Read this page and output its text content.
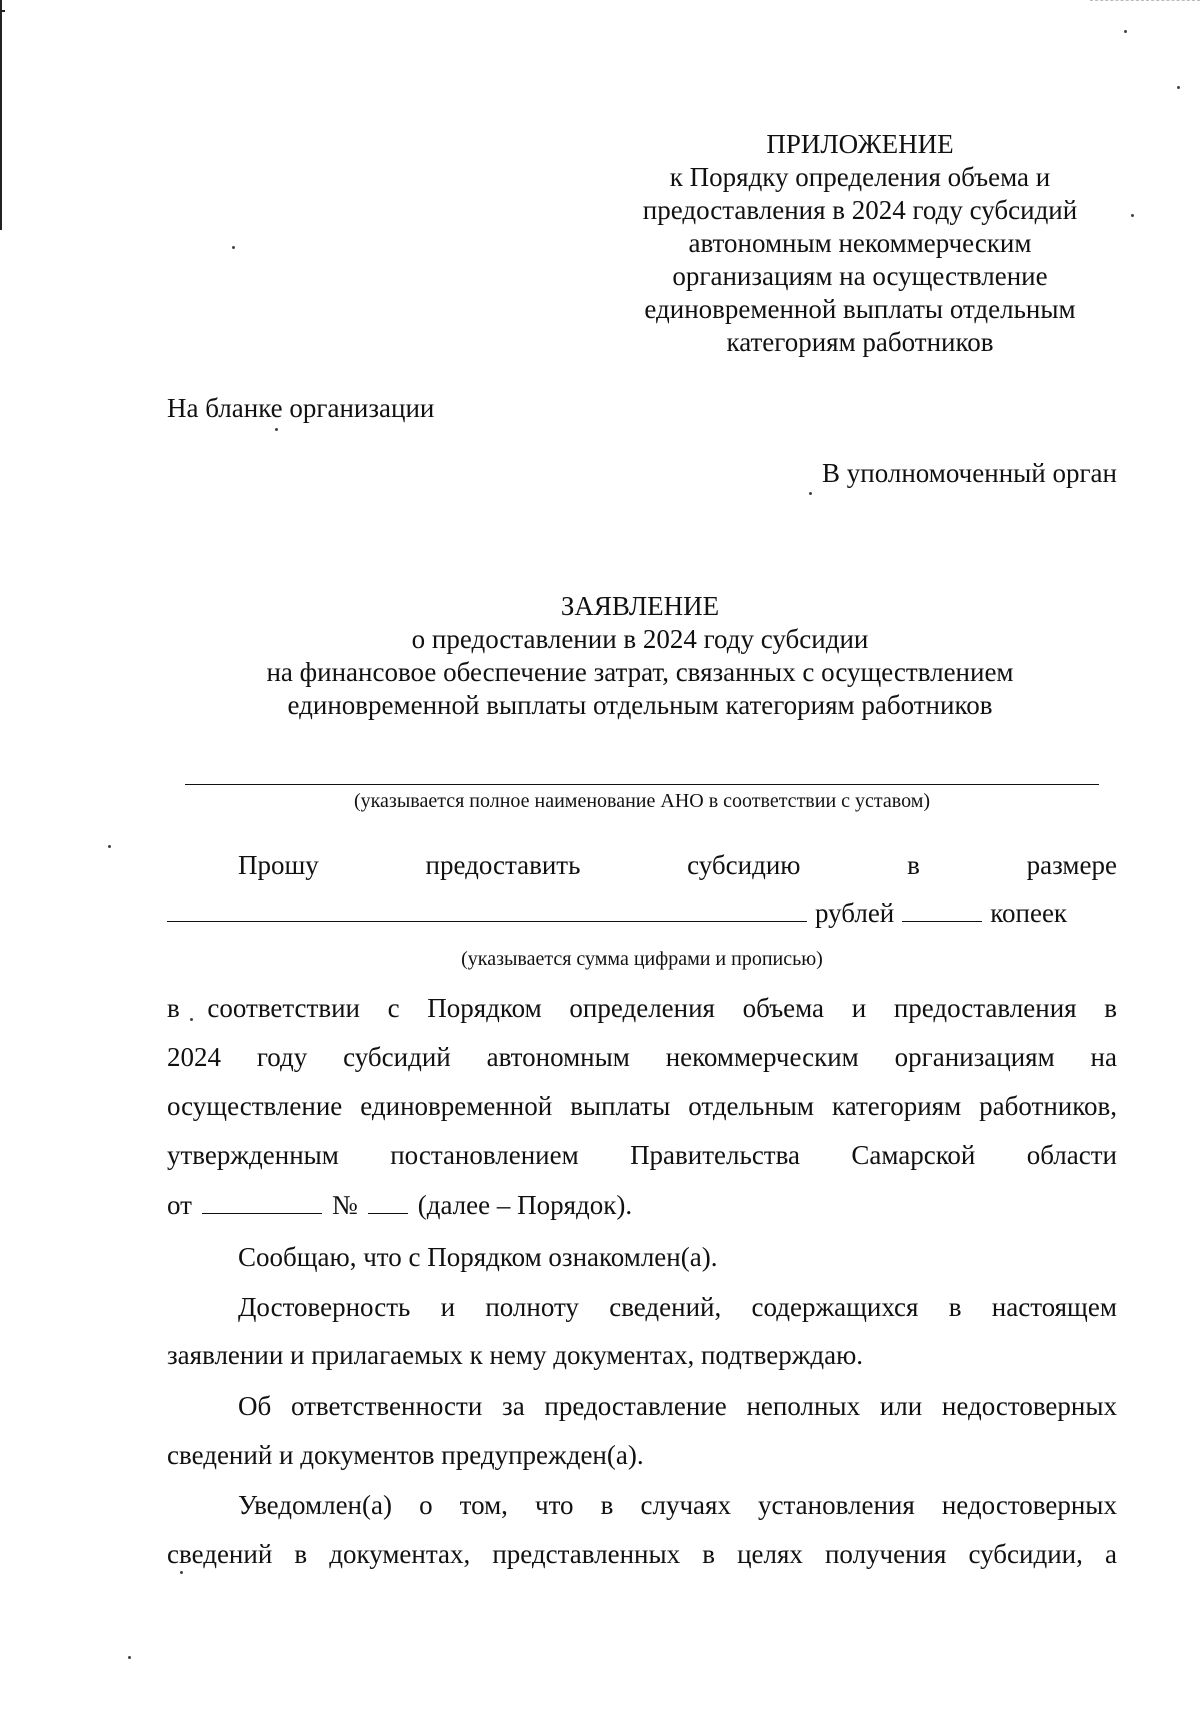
ПРИЛОЖЕНИЕ
к Порядку определения объема и
предоставления в 2024 году субсидий
автономным некоммерческим
организациям на осуществление
единовременной выплаты отдельным
категориям работников
На бланке организации
В уполномоченный орган
ЗАЯВЛЕНИЕ
о предоставлении в 2024 году субсидии
на финансовое обеспечение затрат, связанных с осуществлением
единовременной выплаты отдельным категориям работников
(указывается полное наименование АНО в соответствии с уставом)
Прошу	предоставить	субсидию	в	размере
рублей	копеек
(указывается сумма цифрами и прописью)
в соответствии с Порядком определения объема и предоставления в
2024 году субсидий автономным некоммерческим организациям на
осуществление единовременной выплаты отдельным категориям работников,
утвержденным постановлением Правительства Самарской области
от	№ (далее – Порядок).
Сообщаю, что с Порядком ознакомлен(а).
Достоверность и полноту сведений, содержащихся в настоящем
заявлении и прилагаемых к нему документах, подтверждаю.
Об ответственности за предоставление неполных или недостоверных
сведений и документов предупрежден(а).
Уведомлен(а) о том, что в случаях установления недостоверных
сведений в документах, представленных в целях получения субсидии, а
